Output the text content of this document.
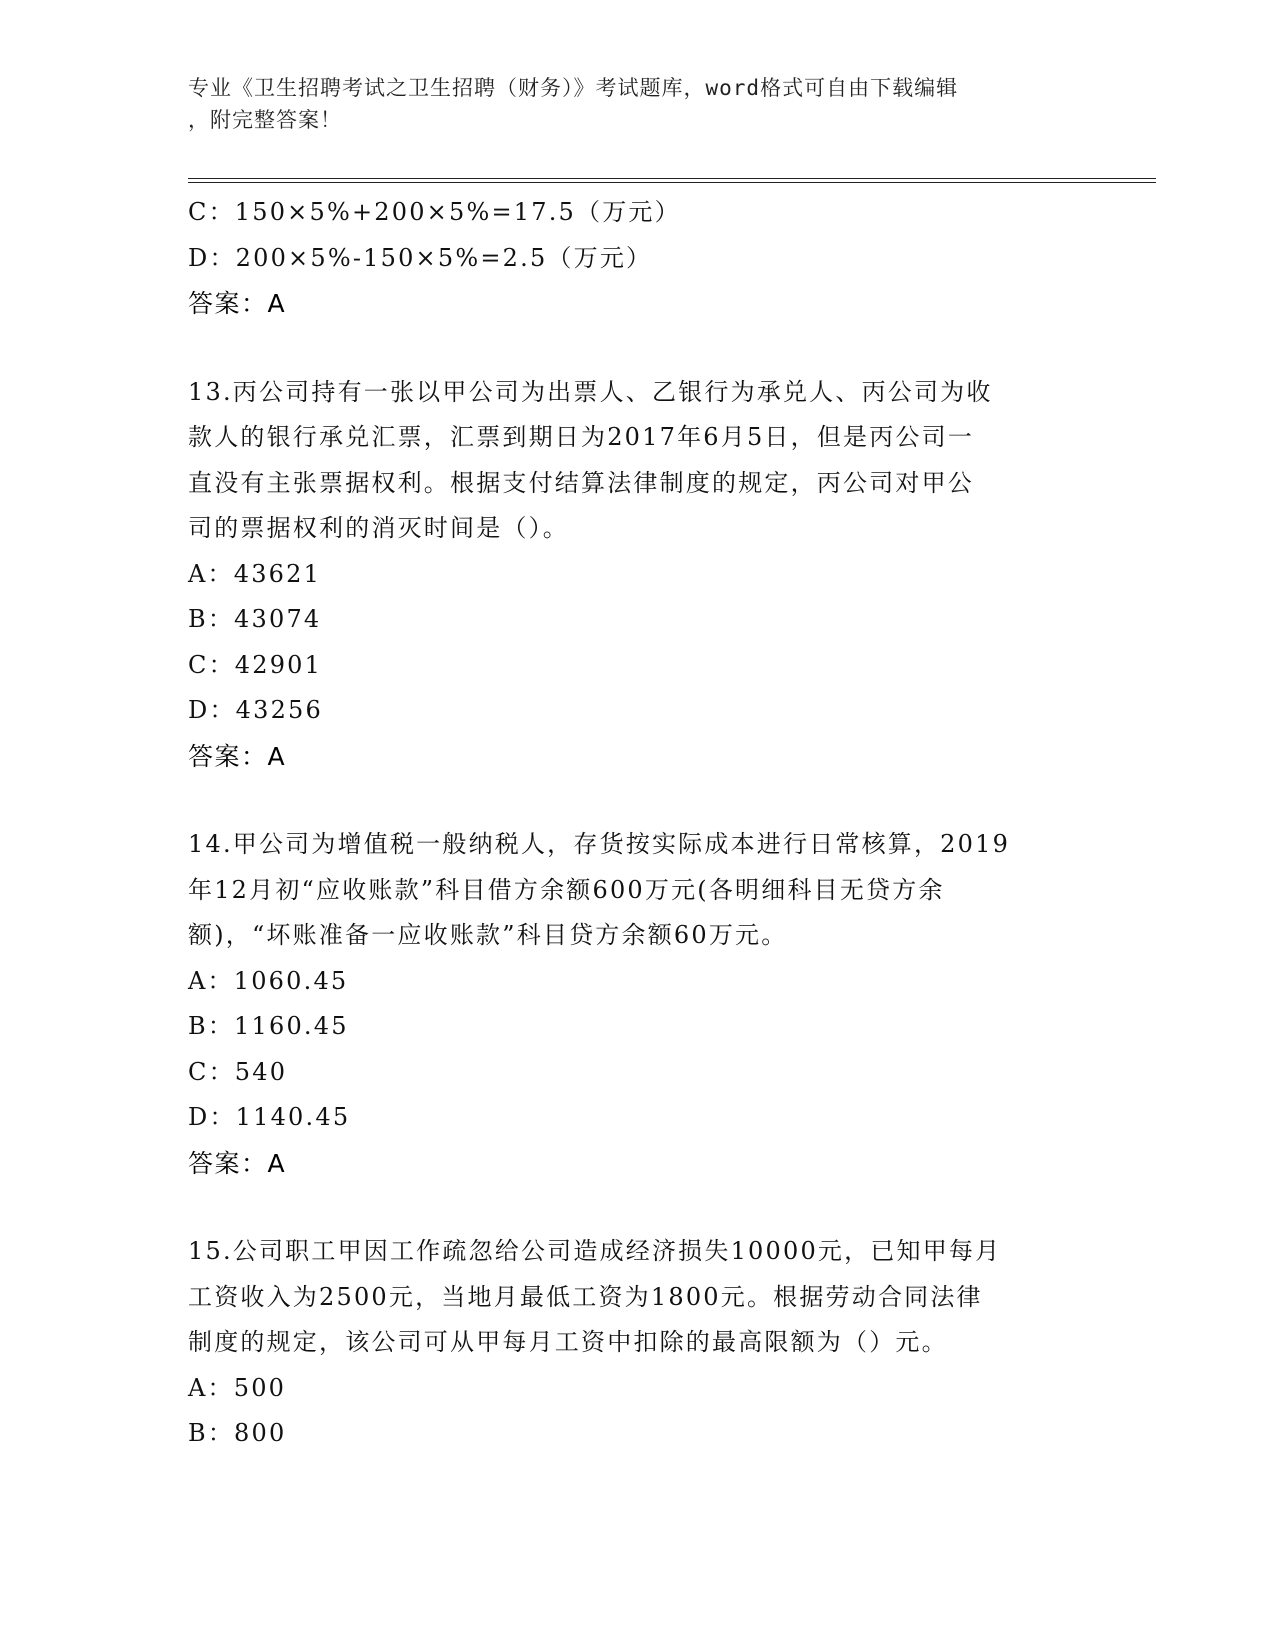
专业《卫生招聘考试之卫生招聘（财务）》考试题库，word格式可自由下载编辑
，附完整答案！
C：150×5%+200×5%=17.5（万元）
D：200×5%-150×5%=2.5（万元）
答案：A
13.丙公司持有一张以甲公司为出票人、乙银行为承兑人、丙公司为收
款人的银行承兑汇票，汇票到期日为2017年6月5日，但是丙公司一
直没有主张票据权利。根据支付结算法律制度的规定，丙公司对甲公
司的票据权利的消灭时间是（）。
A：43621
B：43074
C：42901
D：43256
答案：A
14.甲公司为增值税一般纳税人，存货按实际成本进行日常核算，2019
年12月初“应收账款”科目借方余额600万元(各明细科目无贷方余
额)，“坏账准备一应收账款”科目贷方余额60万元。
A：1060.45
B：1160.45
C：540
D：1140.45
答案：A
15.公司职工甲因工作疏忽给公司造成经济损失10000元，已知甲每月
工资收入为2500元，当地月最低工资为1800元。根据劳动合同法律
制度的规定，该公司可从甲每月工资中扣除的最高限额为（）元。
A：500
B：800
